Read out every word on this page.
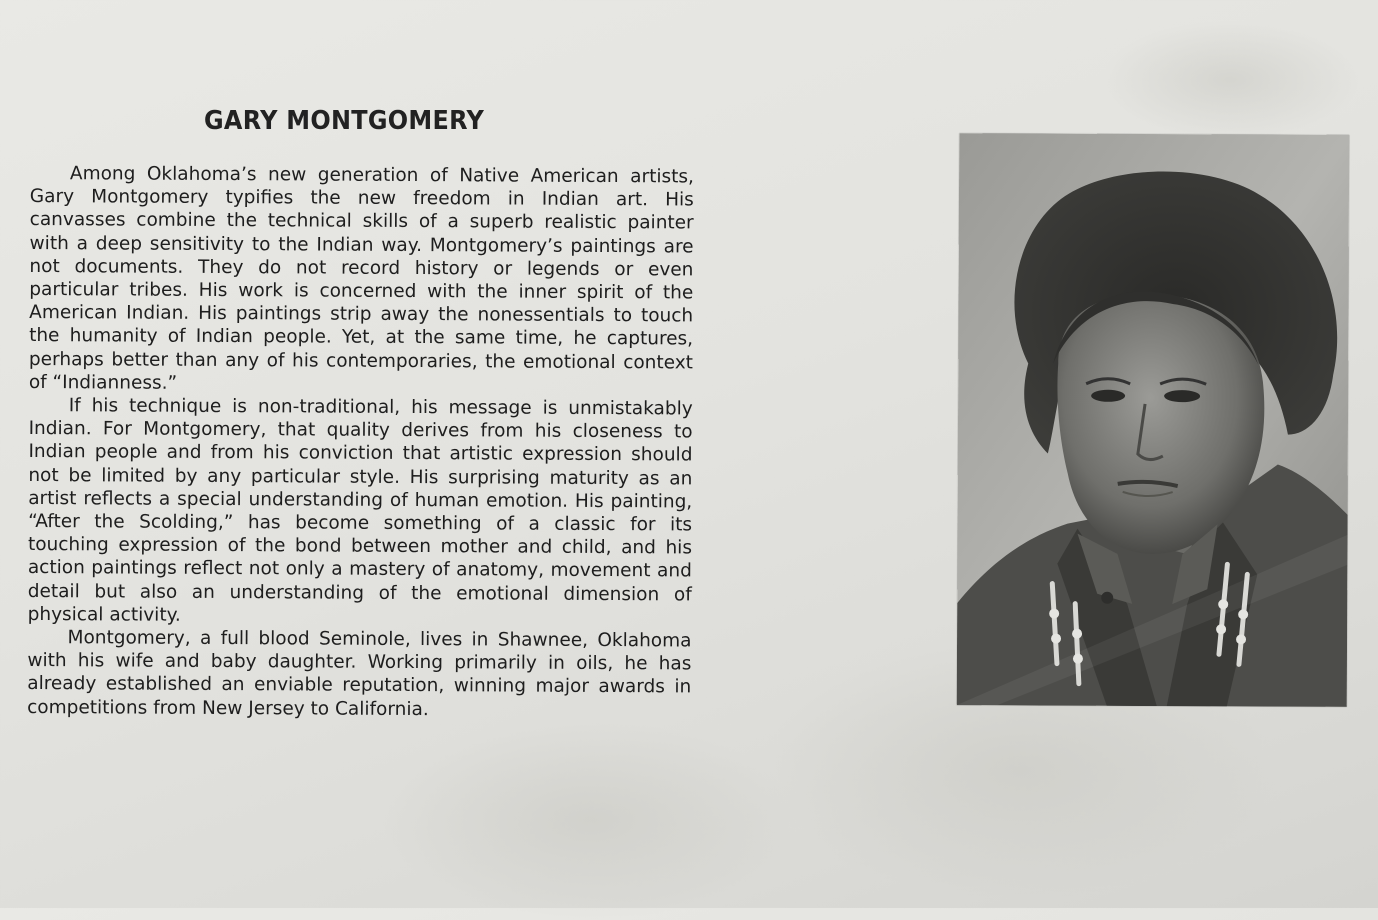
GARY MONTGOMERY

Among Oklahoma’s new generation of Native American artists, Gary Montgomery typifies the new freedom in Indian art. His canvasses combine the technical skills of a superb realistic painter with a deep sensitivity to the Indian way. Montgomery’s paintings are not documents. They do not record history or legends or even particular tribes. His work is concerned with the inner spirit of the American Indian. His paintings strip away the nonessentials to touch the humanity of Indian people. Yet, at the same time, he captures, perhaps better than any of his contemporaries, the emotional context of “Indianness.”

If his technique is non-traditional, his message is unmistakably Indian. For Montgomery, that quality derives from his closeness to Indian people and from his conviction that artistic expression should not be limited by any particular style. His surprising maturity as an artist reflects a special understanding of human emotion. His painting, “After the Scolding,” has become something of a classic for its touching expression of the bond between mother and child, and his action paintings reflect not only a mastery of anatomy, movement and detail but also an understanding of the emotional dimension of physical activity.

Montgomery, a full blood Seminole, lives in Shawnee, Oklahoma with his wife and baby daughter. Working primarily in oils, he has already established an enviable reputation, winning major awards in competitions from New Jersey to California.
